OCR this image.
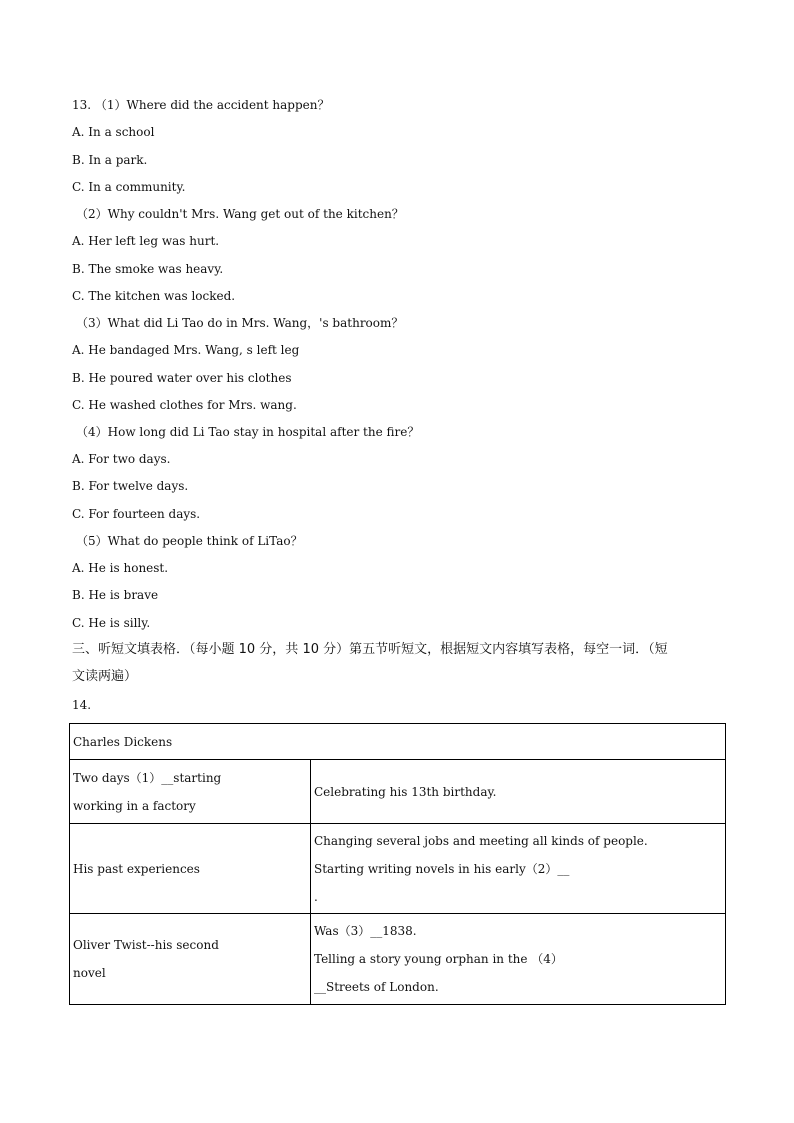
13. （1）Where did the accident happen？
A. In a school
B. In a park.
C. In a community.
（2）Why couldn't Mrs. Wang get out of the kitchen？
A. Her left leg was hurt.
B. The smoke was heavy.
C. The kitchen was locked.
（3）What did Li Tao do in Mrs. Wang，'s bathroom？
A. He bandaged Mrs. Wang, s left leg
B. He poured water over his clothes
C. He washed clothes for Mrs. wang.
（4）How long did Li Tao stay in hospital after the fire？
A. For two days.
B. For twelve days.
C. For fourteen days.
（5）What do people think of LiTao？
A. He is honest.
B. He is brave
C. He is silly.
三、听短文填表格．（每小题 10 分，共 10 分）第五节听短文，根据短文内容填写表格，每空一词．（短
文读两遍）
14.
Charles Dickens	

Two days（1）__starting
working in a factory	Celebrating his 13th birthday.
His past experiences	Changing several jobs and meeting all kinds of people.
Starting writing novels in his early（2）__
.

Oliver Twist--his second
novel	Was（3）__1838.
Telling a story young orphan in the （4）
__Streets of London.
